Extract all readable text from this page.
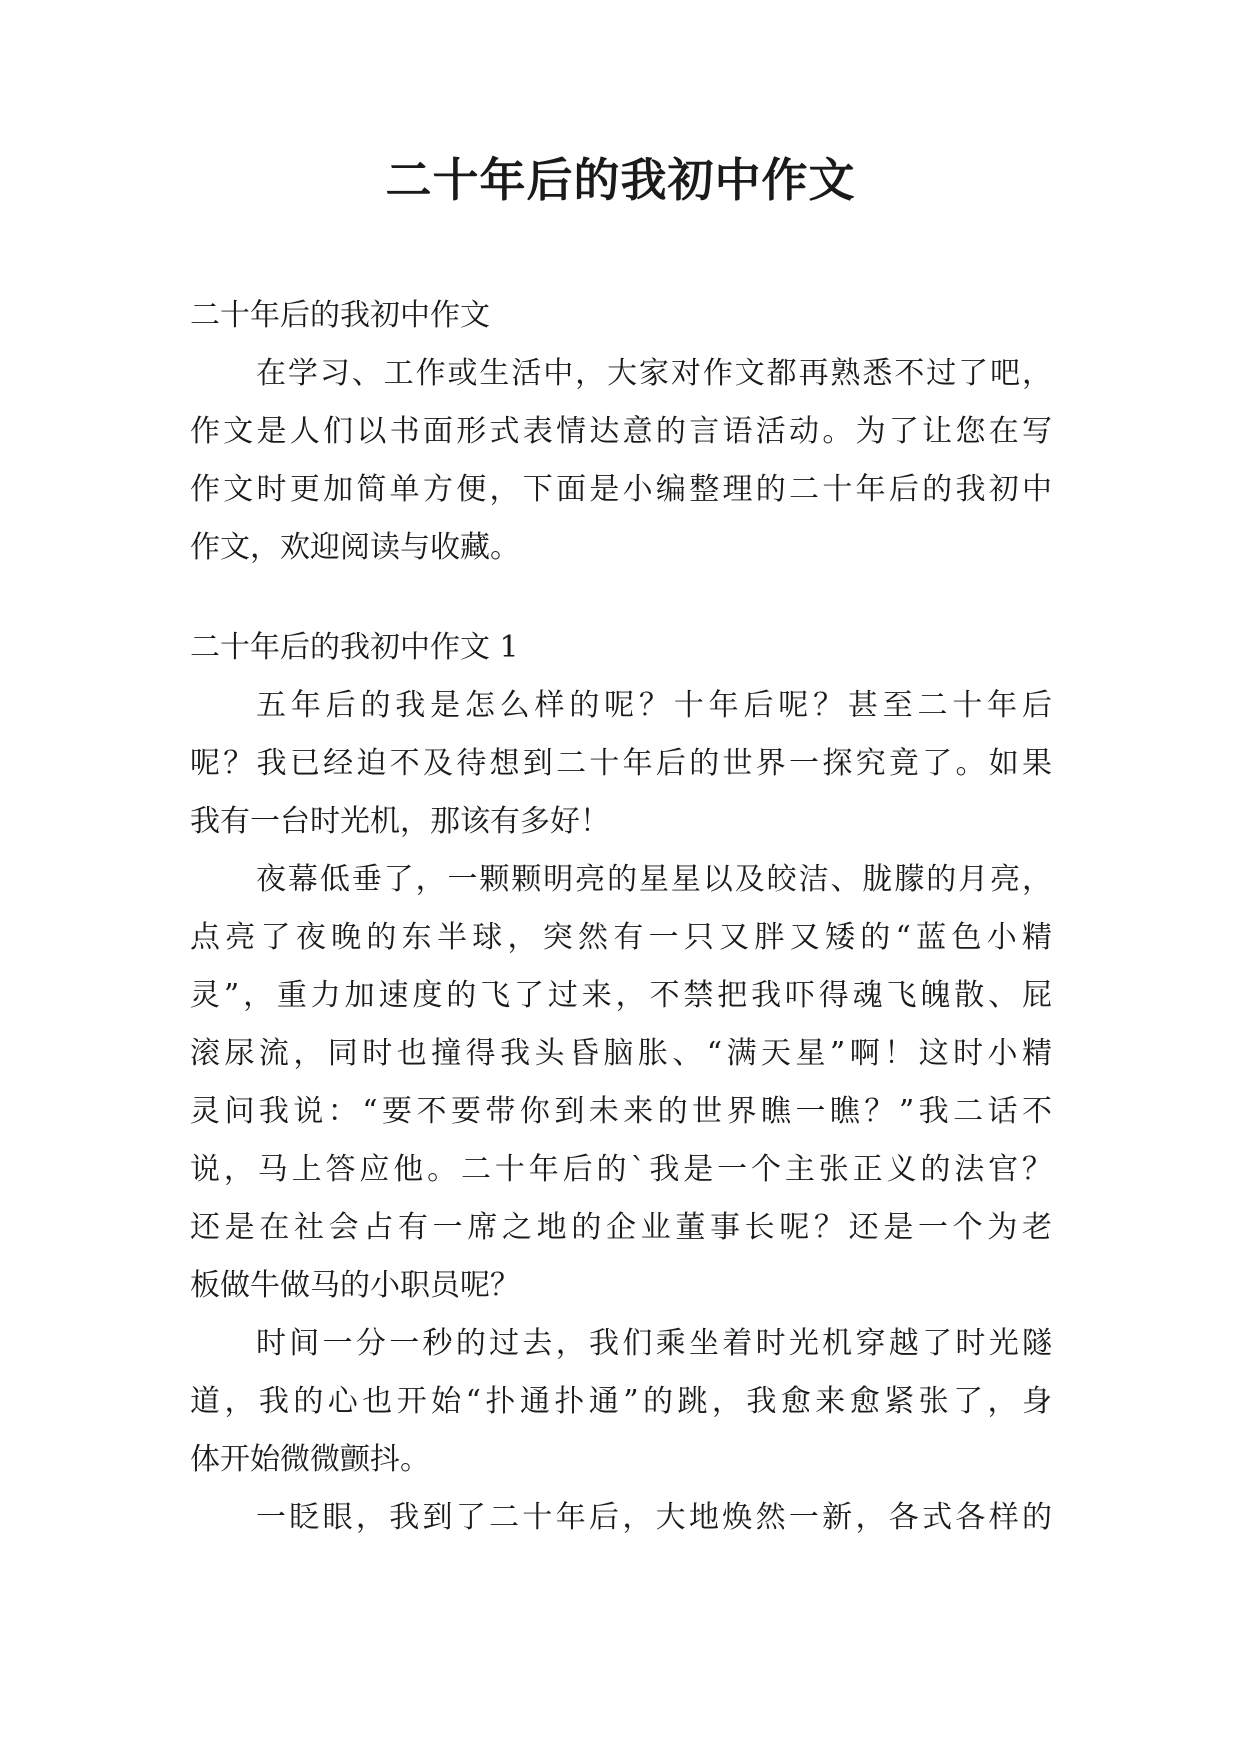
二十年后的我初中作文
二十年后的我初中作文
在学习、工作或生活中，大家对作文都再熟悉不过了吧，
作文是人们以书面形式表情达意的言语活动。为了让您在写
作文时更加简单方便，下面是小编整理的二十年后的我初中
作文，欢迎阅读与收藏。
二十年后的我初中作文 1
五年后的我是怎么样的呢？十年后呢？甚至二十年后
呢？我已经迫不及待想到二十年后的世界一探究竟了。如果
我有一台时光机，那该有多好！
夜幕低垂了，一颗颗明亮的星星以及皎洁、胧朦的月亮，
点亮了夜晚的东半球，突然有一只又胖又矮的“蓝色小精
灵”，重力加速度的飞了过来，不禁把我吓得魂飞魄散、屁
滚尿流，同时也撞得我头昏脑胀、“满天星”啊！这时小精
灵问我说：“要不要带你到未来的世界瞧一瞧？”我二话不
说，马上答应他。二十年后的`我是一个主张正义的法官？
还是在社会占有一席之地的企业董事长呢？还是一个为老
板做牛做马的小职员呢？
时间一分一秒的过去，我们乘坐着时光机穿越了时光隧
道，我的心也开始“扑通扑通”的跳，我愈来愈紧张了，身
体开始微微颤抖。
一眨眼，我到了二十年后，大地焕然一新，各式各样的
